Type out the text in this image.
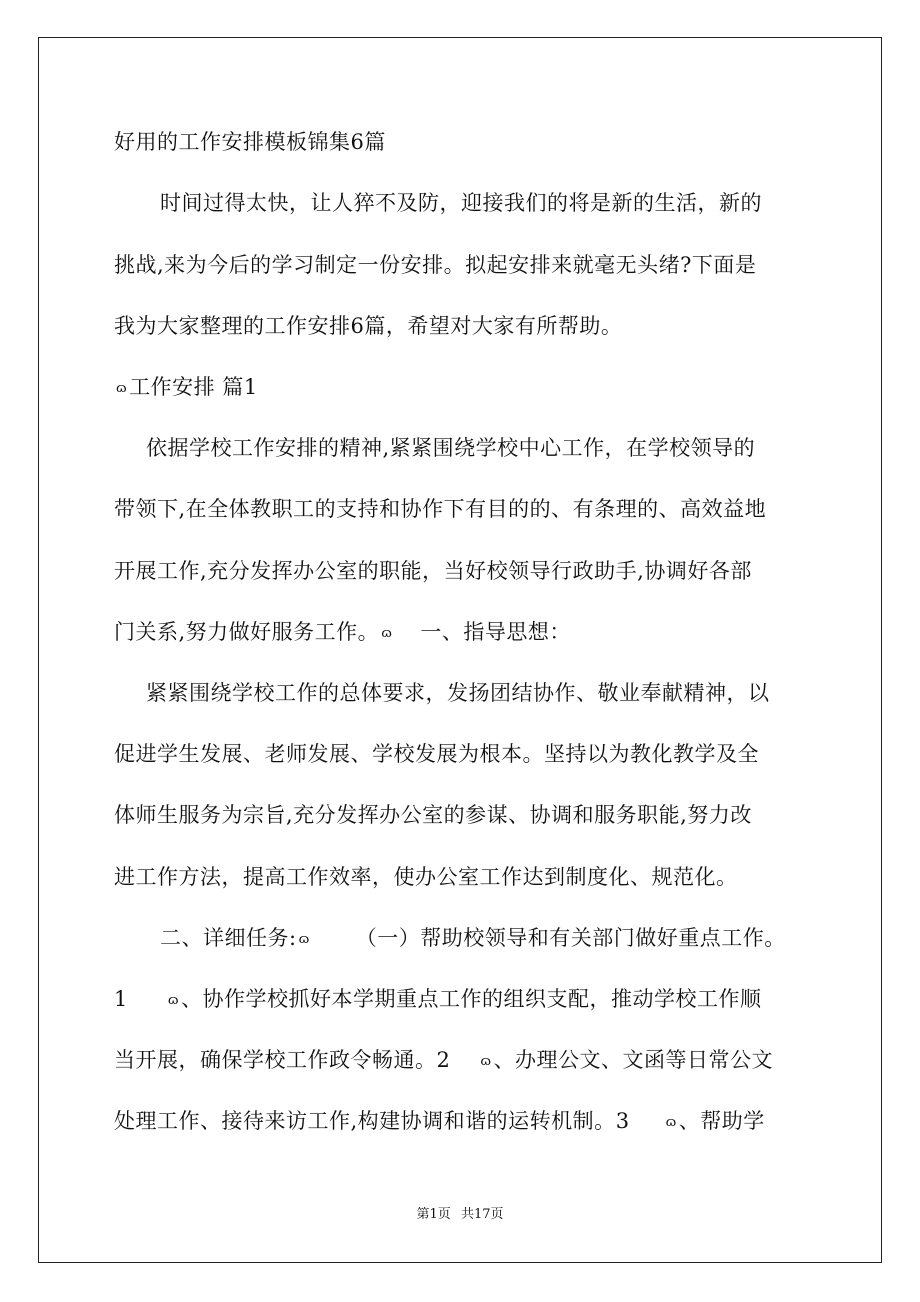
好用的工作安排模板锦集6篇
时间过得太快，让人猝不及防，迎接我们的将是新的生活，新的
挑战,来为今后的学习制定一份安排。拟起安排来就毫无头绪?下面是
我为大家整理的工作安排6篇，希望对大家有所帮助。
ɷ工作安排 篇1
依据学校工作安排的精神,紧紧围绕学校中心工作，在学校领导的
带领下,在全体教职工的支持和协作下有目的的、有条理的、高效益地
开展工作,充分发挥办公室的职能，当好校领导行政助手,协调好各部
门关系,努力做好服务工作。 ɷ 一、指导思想：
紧紧围绕学校工作的总体要求，发扬团结协作、敬业奉献精神，以
促进学生发展、老师发展、学校发展为根本。坚持以为教化教学及全
体师生服务为宗旨,充分发挥办公室的参谋、协调和服务职能,努力改
进工作方法，提高工作效率，使办公室工作达到制度化、规范化。
二、详细任务: ɷ （一）帮助校领导和有关部门做好重点工作。
1	ɷ、协作学校抓好本学期重点工作的组织支配，推动学校工作顺
当开展，确保学校工作政令畅通。2 ɷ、办理公文、文函等日常公文
处理工作、接待来访工作,构建协调和谐的运转机制。3	ɷ、帮助学
第1页 共17页
